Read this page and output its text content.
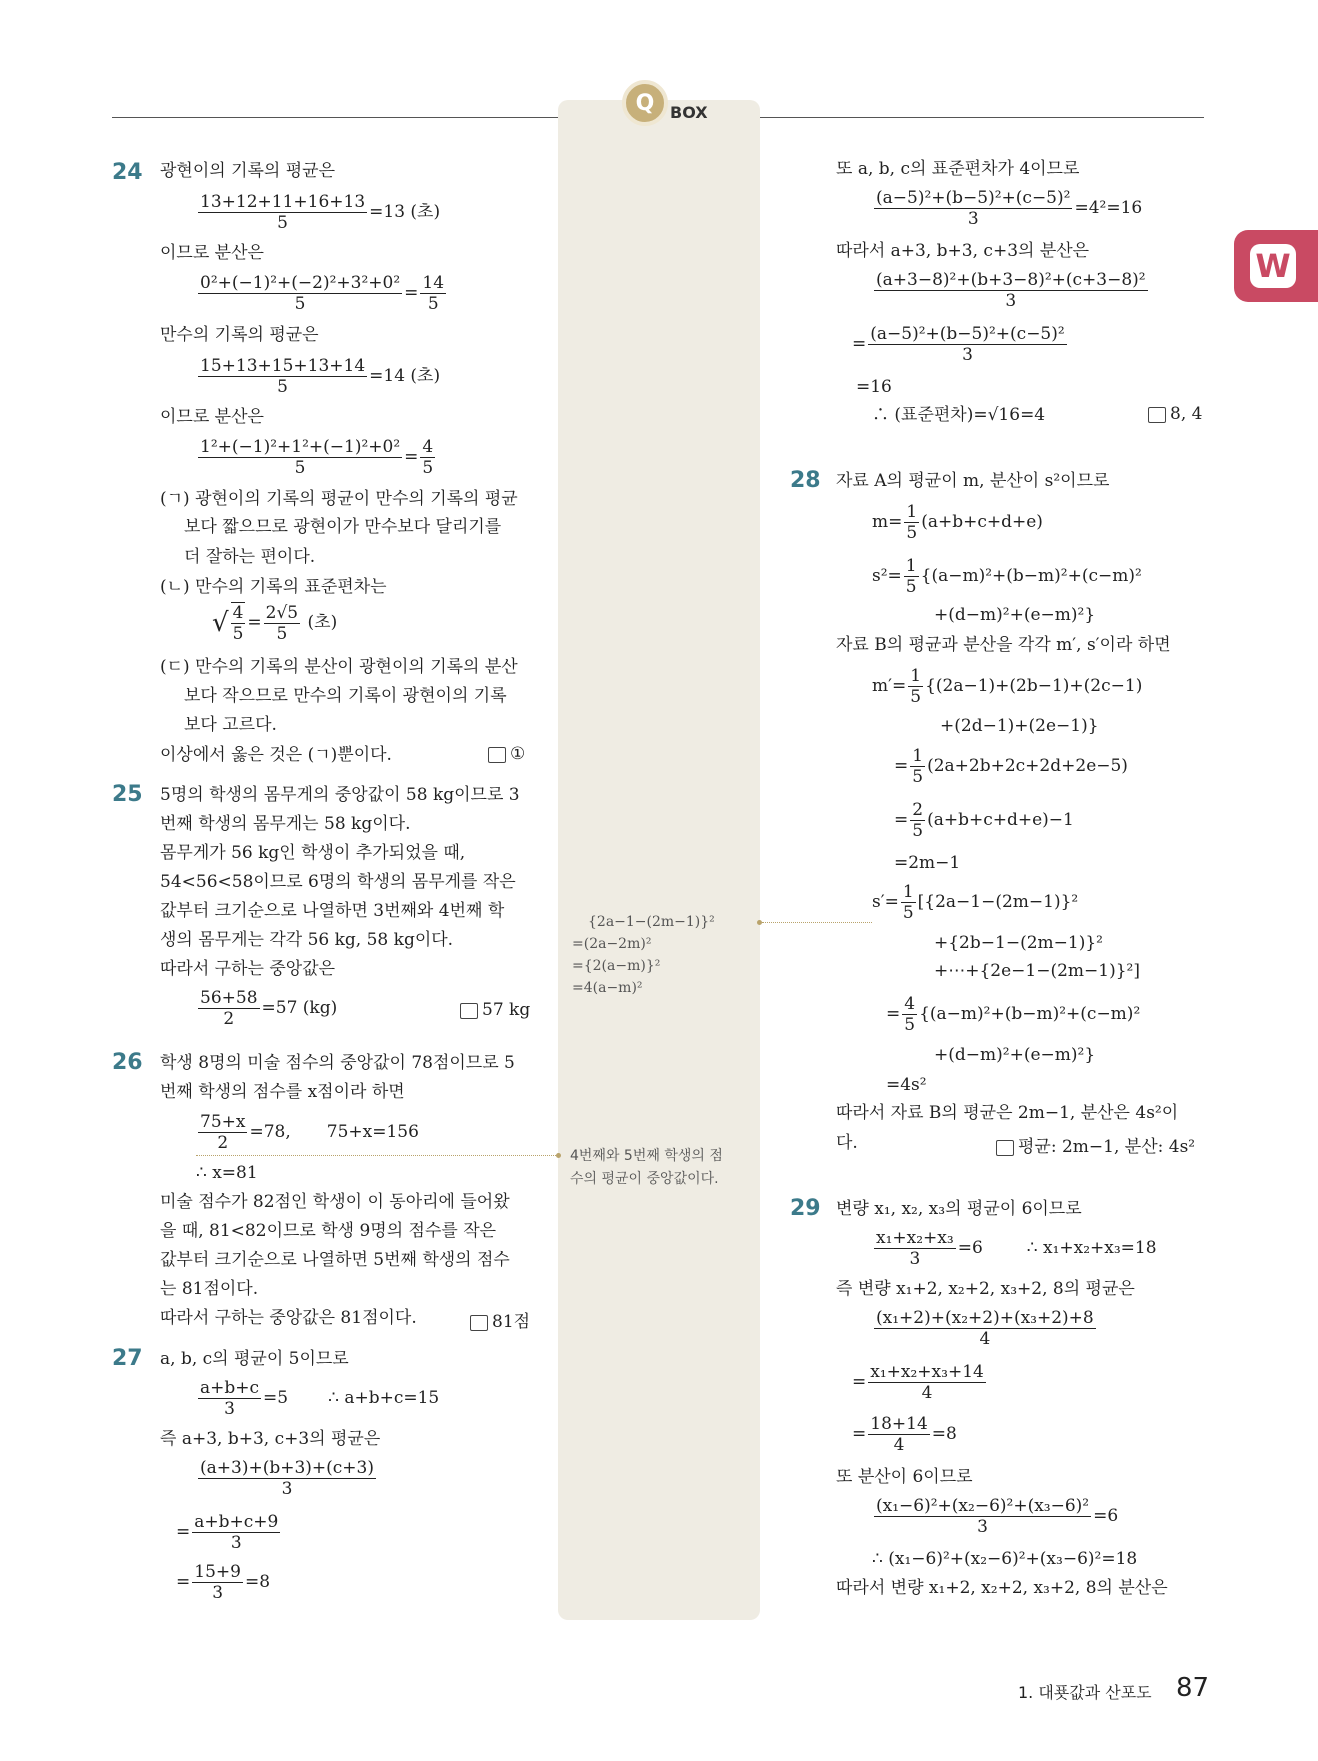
Q BOX
W
24 광현이의 기록의 평균은
$\frac{13+12+11+16+13}{5} =13$ (초)
이므로 분산은
$\frac{\text{0²+(−1)²+(−2)²+3²+0²}}{5} = \frac{14}{5}$
만수의 기록의 평균은
$\frac{15+13+15+13+14}{5} =14$ (초)
이므로 분산은
$\frac{\text{1²+(−1)²+1²+(−1)²+0²}}{5} = \frac{4}{5}$
(ㄱ) 광현이의 기록의 평균이 만수의 기록의 평균
보다 짧으므로 광현이가 만수보다 달리기를
더 잘하는 편이다.
(ㄴ) 만수의 기록의 표준편차는
√ $\frac{4}{5} = \frac{2√5}{5}$ (초)
(ㄷ) 만수의 기록의 분산이 광현이의 기록의 분산
보다 작으므로 만수의 기록이 광현이의 기록
보다 고르다.
이상에서 옳은 것은 (ㄱ)뿐이다.	①
25 5명의 학생의 몸무게의 중앙값이 58 kg이므로 3
번째 학생의 몸무게는 58 kg이다.
몸무게가 56 kg인 학생이 추가되었을 때,
54<56<58이므로 6명의 학생의 몸무게를 작은
값부터 크기순으로 나열하면 3번째와 4번째 학
생의 몸무게는 각각 56 kg, 58 kg이다.
따라서 구하는 중앙값은
$\frac{56+58}{2} =57$ (kg)	57 kg
26 학생 8명의 미술 점수의 중앙값이 78점이므로 5
번째 학생의 점수를 x점이라 하면
$\frac{75+x}{2} =78$, 75+x=156
∴ x=81
미술 점수가 82점인 학생이 이 동아리에 들어왔
을 때, 81<82이므로 학생 9명의 점수를 작은
값부터 크기순으로 나열하면 5번째 학생의 점수
는 81점이다.
따라서 구하는 중앙값은 81점이다.	81점
27 a, b, c의 평균이 5이므로
$\frac{a+b+c}{3} =5$ ∴ a+b+c=15
즉 a+3, b+3, c+3의 평균은
$\frac{(a+3)+(b+3)+(c+3)}{3}$
= $\frac{a+b+c+9}{3}$
= $\frac{15+9}{3} =8$
또 a, b, c의 표준편차가 4이므로
$\frac{\text{(a−5)²+(b−5)²+(c−5)²}}{3} =4^2=16$
따라서 a+3, b+3, c+3의 분산은
$\frac{\text{(a+3−8)²+(b+3−8)²+(c+3−8)²}}{3}$
= $\frac{\text{(a−5)²+(b−5)²+(c−5)²}}{3}$
=16
∴ (표준편차)=√16=4	8, 4
28 자료 A의 평균이 m, 분산이 s²이므로
$m= \frac{1}{5} (a+b+c+d+e)$
$s^2= \frac{1}{5} \{(a-m)^2+(b-m)^2+(c-m)^2$
+(d−m)²+(e−m)²}
자료 B의 평균과 분산을 각각 m′, s′이라 하면
$m'= \frac{1}{5} \{(2a-1)+(2b-1)+(2c-1)$
+(2d−1)+(2e−1)}
= $\frac{1}{5} (2a+2b+2c+2d+2e-5)$
= $\frac{2}{5} (a+b+c+d+e)-1$
=2m−1
$s'= \frac{1}{5} [\{2a-1-(2m-1)\}^2$
+{2b−1−(2m−1)}²
+⋯+{2e−1−(2m−1)}²]
= $\frac{4}{5} \{(a-m)^2+(b-m)^2+(c-m)^2$
+(d−m)²+(e−m)²}
=4s²
따라서 자료 B의 평균은 2m−1, 분산은 4s²이
다.	평균: 2m−1, 분산: 4s²
29 변량 x₁, x₂, x₃의 평균이 6이므로
$\frac{\text{x₁+x₂+x₃}}{3} =6$	∴ x₁+x₂+x₃=18
즉 변량 x₁+2, x₂+2, x₃+2, 8의 평균은
$\frac{\text{(x₁+2)+(x₂+2)+(x₃+2)+8}}{4}$
= $\frac{\text{x₁+x₂+x₃+14}}{4}$
= $\frac{18+14}{4} =8$
또 분산이 6이므로
$\frac{\text{(x₁−6)²+(x₂−6)²+(x₃−6)²}}{3} =6$
∴ (x₁−6)²+(x₂−6)²+(x₃−6)²=18
따라서 변량 x₁+2, x₂+2, x₃+2, 8의 분산은
{2a−1−(2m−1)}²
=(2a−2m)²
={2(a−m)}²
=4(a−m)²
4번째와 5번째 학생의 점
수의 평균이 중앙값이다.
1. 대푯값과 산포도 87
